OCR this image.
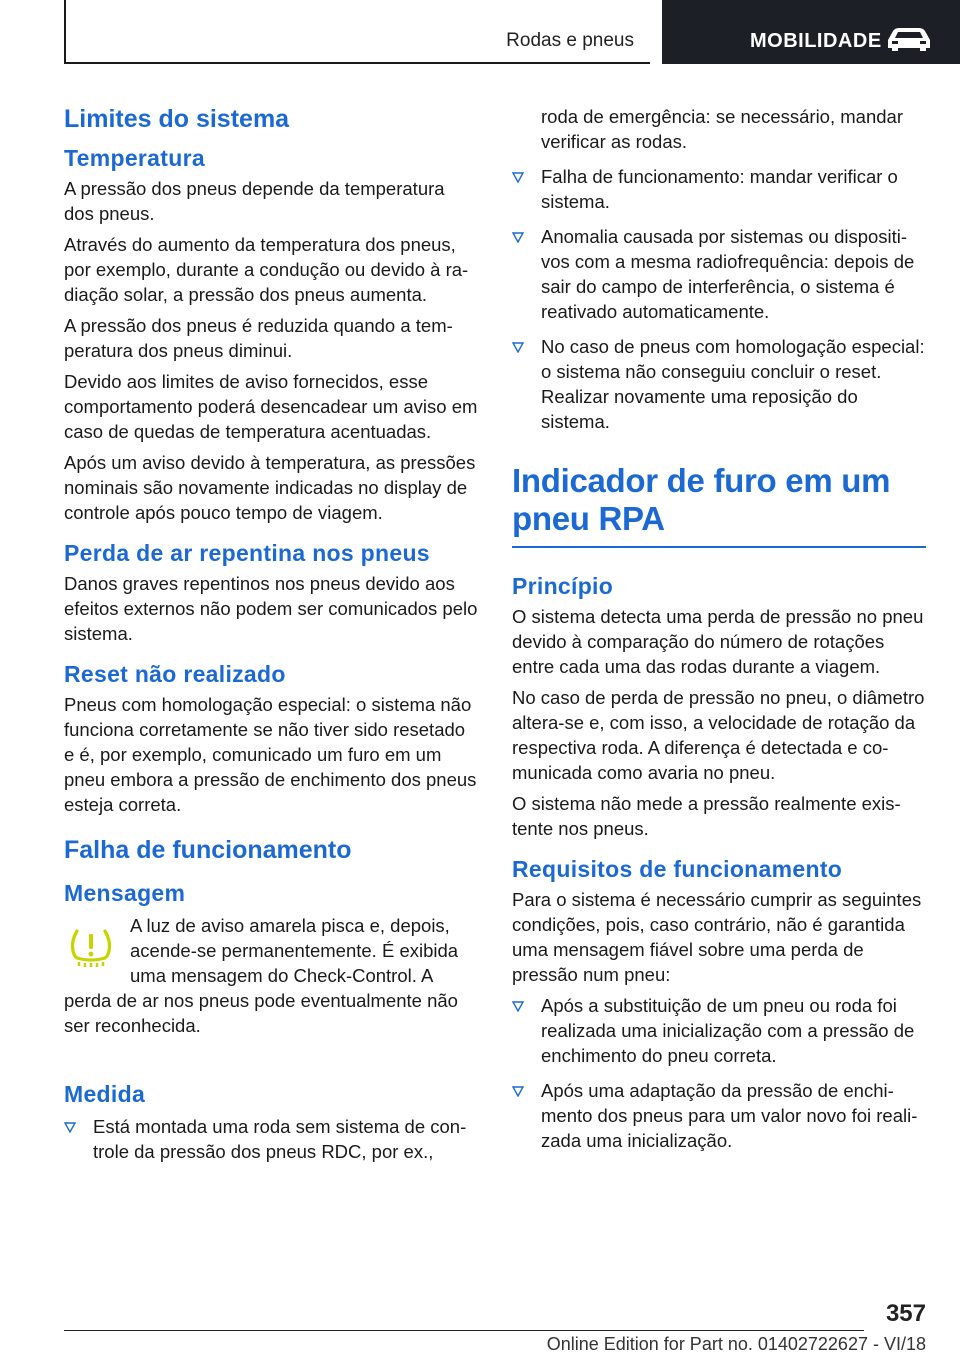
Rodas e pneus	MOBILIDADE
Limites do sistema
Temperatura

A pressão dos pneus depende da temperatura dos pneus.

Através do aumento da temperatura dos pneus, por exemplo, durante a condução ou devido à radiação solar, a pressão dos pneus aumenta.

A pressão dos pneus é reduzida quando a temperatura dos pneus diminui.

Devido aos limites de aviso fornecidos, esse comportamento poderá desencadear um aviso em caso de quedas de temperatura acentuadas.

Após um aviso devido à temperatura, as pressões nominais são novamente indicadas no display de controle após pouco tempo de viagem.

Perda de ar repentina nos pneus

Danos graves repentinos nos pneus devido aos efeitos externos não podem ser comunicados pelo sistema.

Reset não realizado

Pneus com homologação especial: o sistema não funciona corretamente se não tiver sido resetado e é, por exemplo, comunicado um furo em um pneu embora a pressão de enchimento dos pneus esteja correta.

Falha de funcionamento
Mensagem

A luz de aviso amarela pisca e, depois,

acende-se permanentemente. É exibida

uma mensagem do Check-Control. A

perda de ar nos pneus pode eventualmente não ser reconhecida.

Medida
Está montada uma roda sem sistema de controle da pressão dos pneus RDC, por ex.,
roda de emergência: se necessário, mandar verificar as rodas.
Falha de funcionamento: mandar verificar o sistema.
Anomalia causada por sistemas ou dispositivos com a mesma radiofrequência: depois de sair do campo de interferência, o sistema é reativado automaticamente.
No caso de pneus com homologação especial: o sistema não conseguiu concluir o reset. Realizar novamente uma reposição do sistema.
Indicador de furo em um pneu RPA
Princípio

O sistema detecta uma perda de pressão no pneu devido à comparação do número de rotações entre cada uma das rodas durante a viagem.

No caso de perda de pressão no pneu, o diâmetro altera-se e, com isso, a velocidade de rotação da respectiva roda. A diferença é detectada e comunicada como avaria no pneu.

O sistema não mede a pressão realmente existente nos pneus.

Requisitos de funcionamento

Para o sistema é necessário cumprir as seguintes condições, pois, caso contrário, não é garantida uma mensagem fiável sobre uma perda de pressão num pneu:

Após a substituição de um pneu ou roda foi realizada uma inicialização com a pressão de enchimento do pneu correta.
Após uma adaptação da pressão de enchimento dos pneus para um valor novo foi realizada uma inicialização.
357
Online Edition for Part no. 01402722627 - VI/18
